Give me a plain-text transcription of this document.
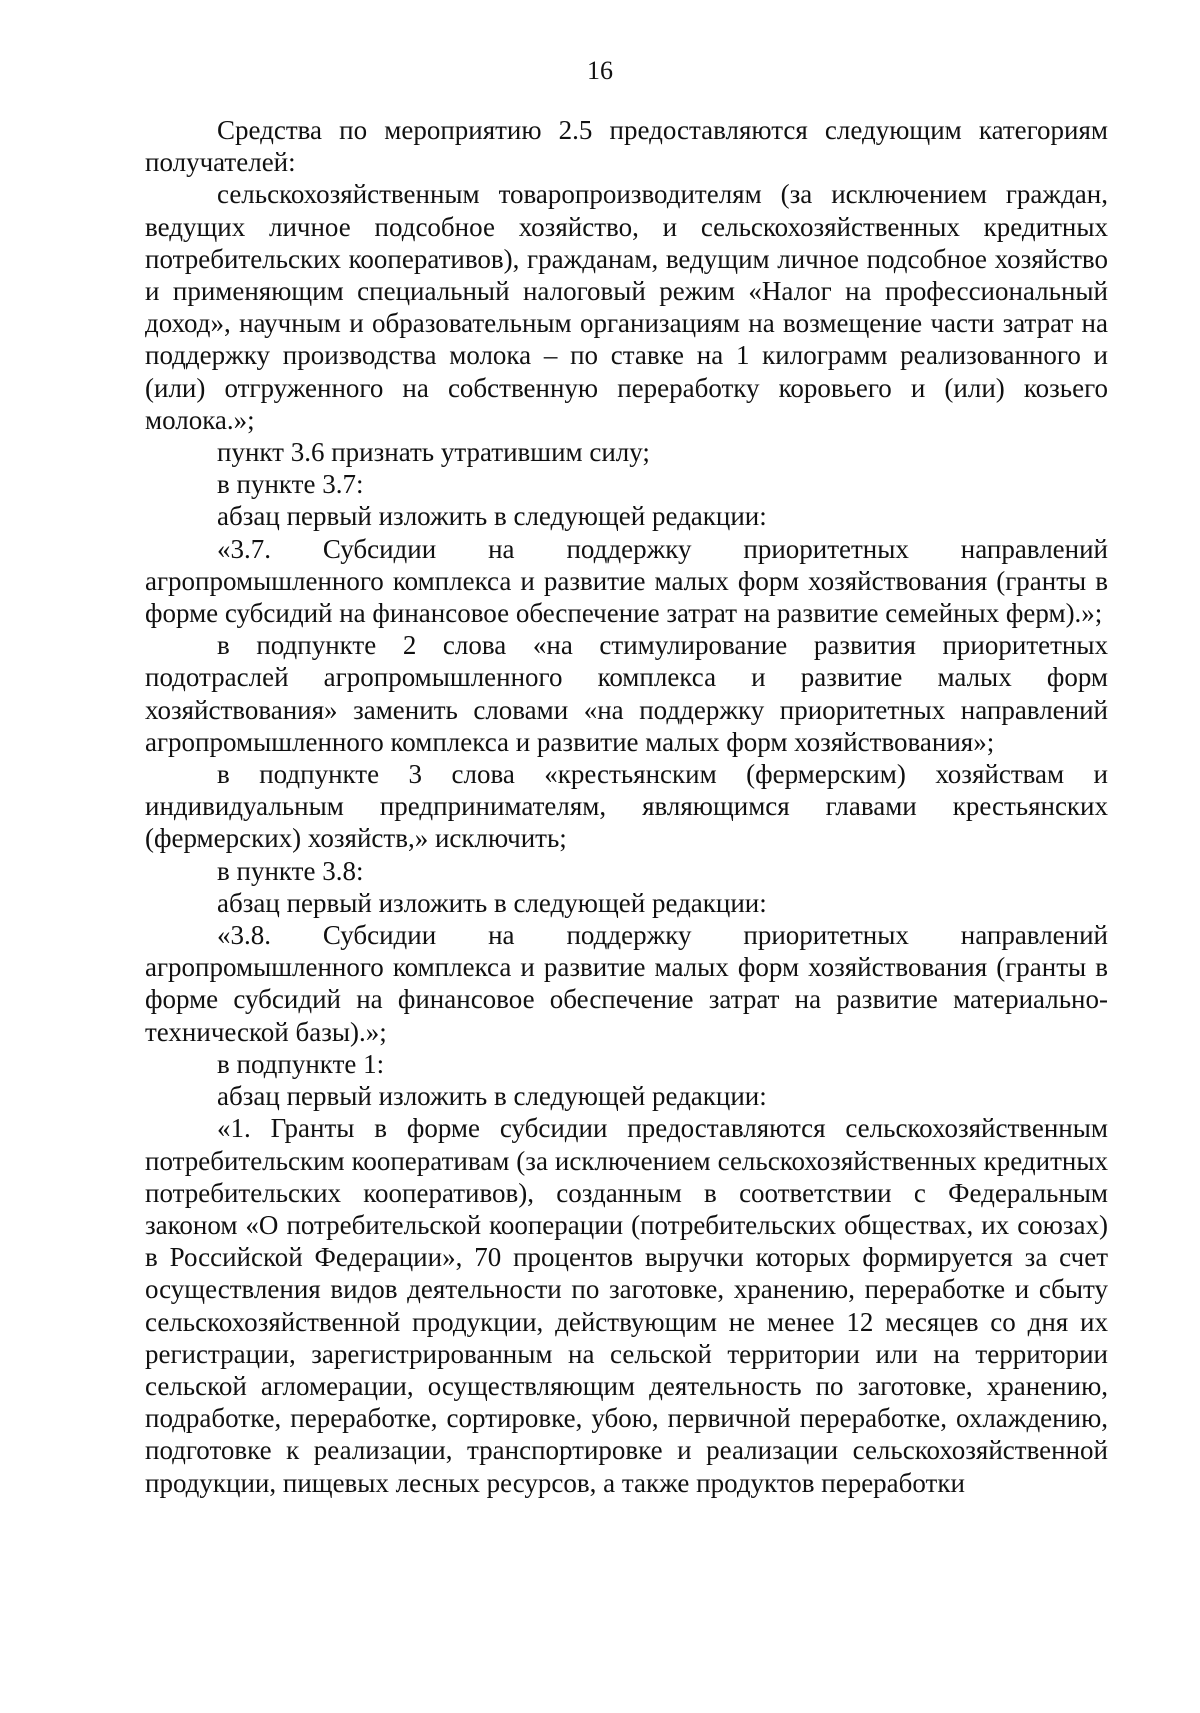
16

Средства по мероприятию 2.5 предоставляются следующим категориям получателей:

сельскохозяйственным товаропроизводителям (за исключением граждан, ведущих личное подсобное хозяйство, и сельскохозяйственных кредитных потребительских кооперативов), гражданам, ведущим личное подсобное хозяйство и применяющим специальный налоговый режим «Налог на профессиональный доход», научным и образовательным организациям на возмещение части затрат на поддержку производства молока – по ставке на 1 килограмм реализованного и (или) отгруженного на собственную переработку коровьего и (или) козьего молока.»;

пункт 3.6 признать утратившим силу;

в пункте 3.7:

абзац первый изложить в следующей редакции:

«3.7. Субсидии на поддержку приоритетных направлений агропромышленного комплекса и развитие малых форм хозяйствования (гранты в форме субсидий на финансовое обеспечение затрат на развитие семейных ферм).»;

в подпункте 2 слова «на стимулирование развития приоритетных подотраслей агропромышленного комплекса и развитие малых форм хозяйствования» заменить словами «на поддержку приоритетных направлений агропромышленного комплекса и развитие малых форм хозяйствования»;

в подпункте 3 слова «крестьянским (фермерским) хозяйствам и индивидуальным предпринимателям, являющимся главами крестьянских (фермерских) хозяйств,» исключить;

в пункте 3.8:

абзац первый изложить в следующей редакции:

«3.8. Субсидии на поддержку приоритетных направлений агропромышленного комплекса и развитие малых форм хозяйствования (гранты в форме субсидий на финансовое обеспечение затрат на развитие материально-технической базы).»;

в подпункте 1:

абзац первый изложить в следующей редакции:

«1. Гранты в форме субсидии предоставляются сельскохозяйственным потребительским кооперативам (за исключением сельскохозяйственных кредитных потребительских кооперативов), созданным в соответствии с Федеральным законом «О потребительской кооперации (потребительских обществах, их союзах) в Российской Федерации», 70 процентов выручки которых формируется за счет осуществления видов деятельности по заготовке, хранению, переработке и сбыту сельскохозяйственной продукции, действующим не менее 12 месяцев со дня их регистрации, зарегистрированным на сельской территории или на территории сельской агломерации, осуществляющим деятельность по заготовке, хранению, подработке, переработке, сортировке, убою, первичной переработке, охлаждению, подготовке к реализации, транспортировке и реализации сельскохозяйственной продукции, пищевых лесных ресурсов, а также продуктов переработки
